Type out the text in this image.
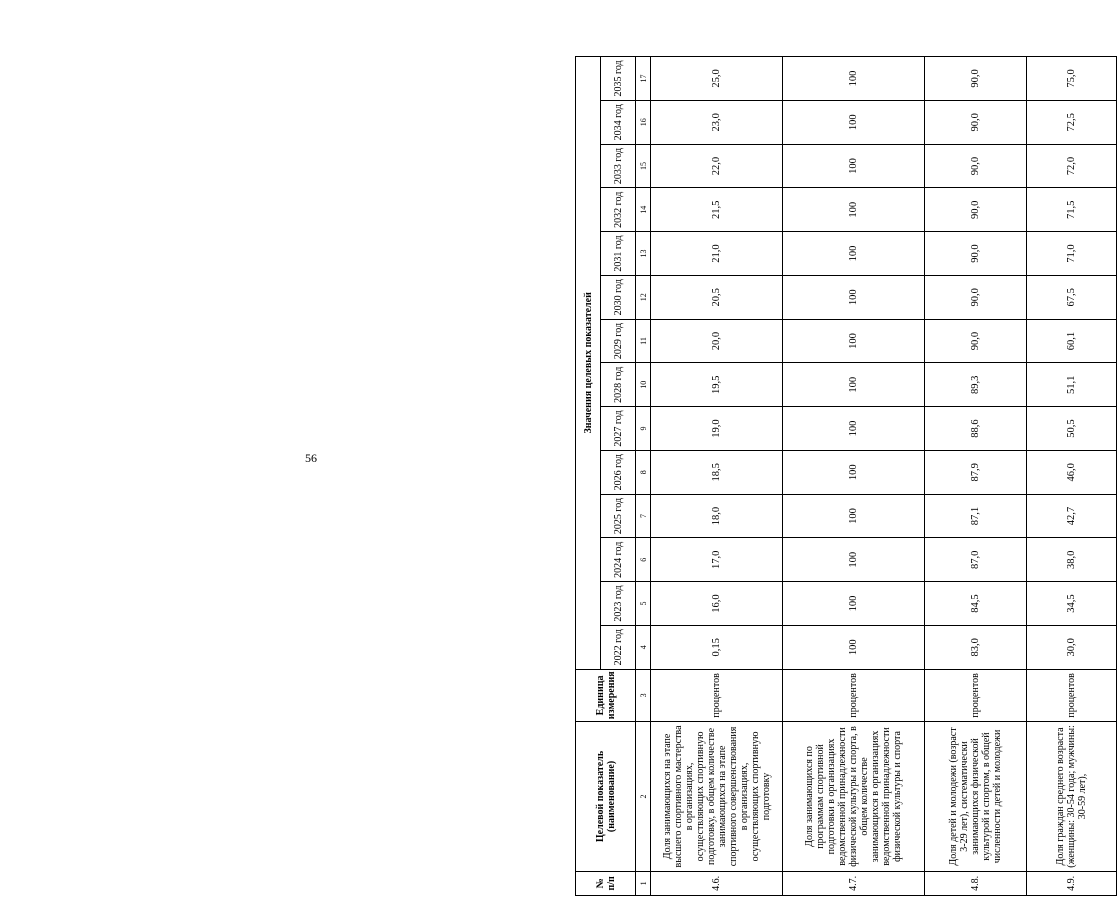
56
№ п/п	Целевой показатель (наименование)	Единица измерения	Значения целевых показателей													
			2022 год	2023 год	2024 год	2025 год	2026 год	2027 год	2028 год	2029 год	2030 год	2031 год	2032 год	2033 год	2034 год	2035 год
1	2	3	4	5	6	7	8	9	10	11	12	13	14	15	16	17
4.6.	Доля занимающихся на этапе высшего спортивного мастерства в организациях, осуществляющих спортивную подготовку, в общем количестве занимающихся на этапе спортивного совершенствования в организациях, осуществляющих спортивную подготовку	процентов	0,15	16,0	17,0	18,0	18,5	19,0	19,5	20,0	20,5	21,0	21,5	22,0	23,0	25,0
4.7.	Доля занимающихся по программам спортивной подготовки в организациях ведомственной принадлежности физической культуры и спорта, в общем количестве занимающихся в организациях ведомственной принадлежности физической культуры и спорта	процентов	100	100	100	100	100	100	100	100	100	100	100	100	100	100
4.8.	Доля детей и молодежи (возраст 3-29 лет), систематически занимающихся физической культурой и спортом, в общей численности детей и молодежи	процентов	83,0	84,5	87,0	87,1	87,9	88,6	89,3	90,0	90,0	90,0	90,0	90,0	90,0	90,0
4.9.	Доля граждан среднего возраста (женщины: 30-54 года; мужчины: 30-59 лет),	процентов	30,0	34,5	38,0	42,7	46,0	50,5	51,1	60,1	67,5	71,0	71,5	72,0	72,5	75,0
